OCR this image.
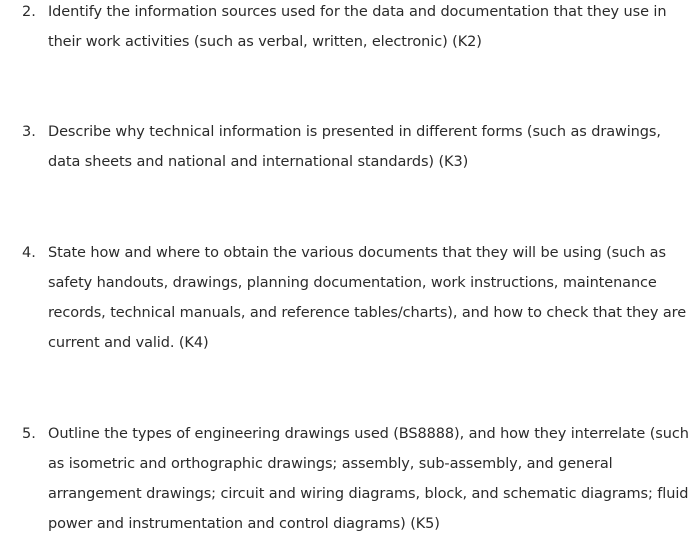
2. Identify the information sources used for the data and documentation that they use in
their work activities (such as verbal, written, electronic) (K2)
3. Describe why technical information is presented in different forms (such as drawings,
data sheets and national and international standards) (K3)
4. State how and where to obtain the various documents that they will be using (such as
safety handouts, drawings, planning documentation, work instructions, maintenance
records, technical manuals, and reference tables/charts), and how to check that they are
current and valid. (K4)
5. Outline the types of engineering drawings used (BS8888), and how they interrelate (such
as isometric and orthographic drawings; assembly, sub-assembly, and general
arrangement drawings; circuit and wiring diagrams, block, and schematic diagrams; fluid
power and instrumentation and control diagrams) (K5)
